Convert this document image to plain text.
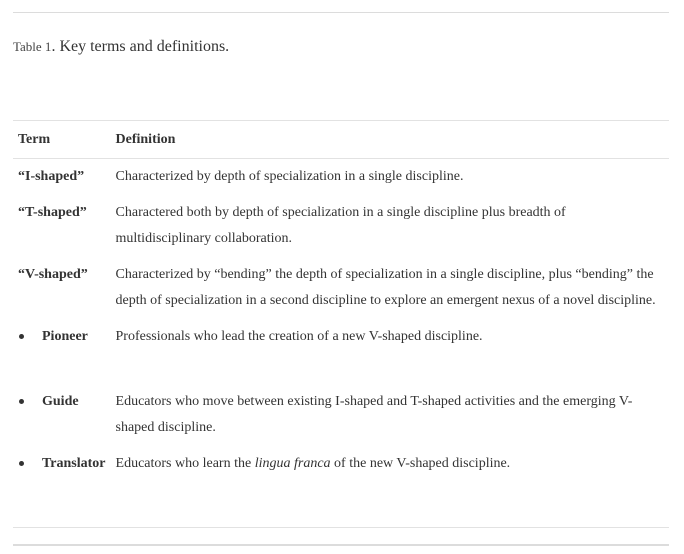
Table 1. Key terms and definitions.
Term	Definition
“I-shaped”	Characterized by depth of specialization in a single discipline.
“T-shaped”	Charactered both by depth of specialization in a single discipline plus breadth of multidisciplinary collaboration.
“V-shaped”	Characterized by “bending” the depth of specialization in a single discipline, plus “bending” the depth of specialization in a second discipline to explore an emergent nexus of a novel discipline.
Pioneer	Professionals who lead the creation of a new V-shaped discipline.
Guide	Educators who move between existing I-shaped and T-shaped activities and the emerging V-shaped discipline.
Translator	Educators who learn the lingua franca of the new V-shaped discipline.
